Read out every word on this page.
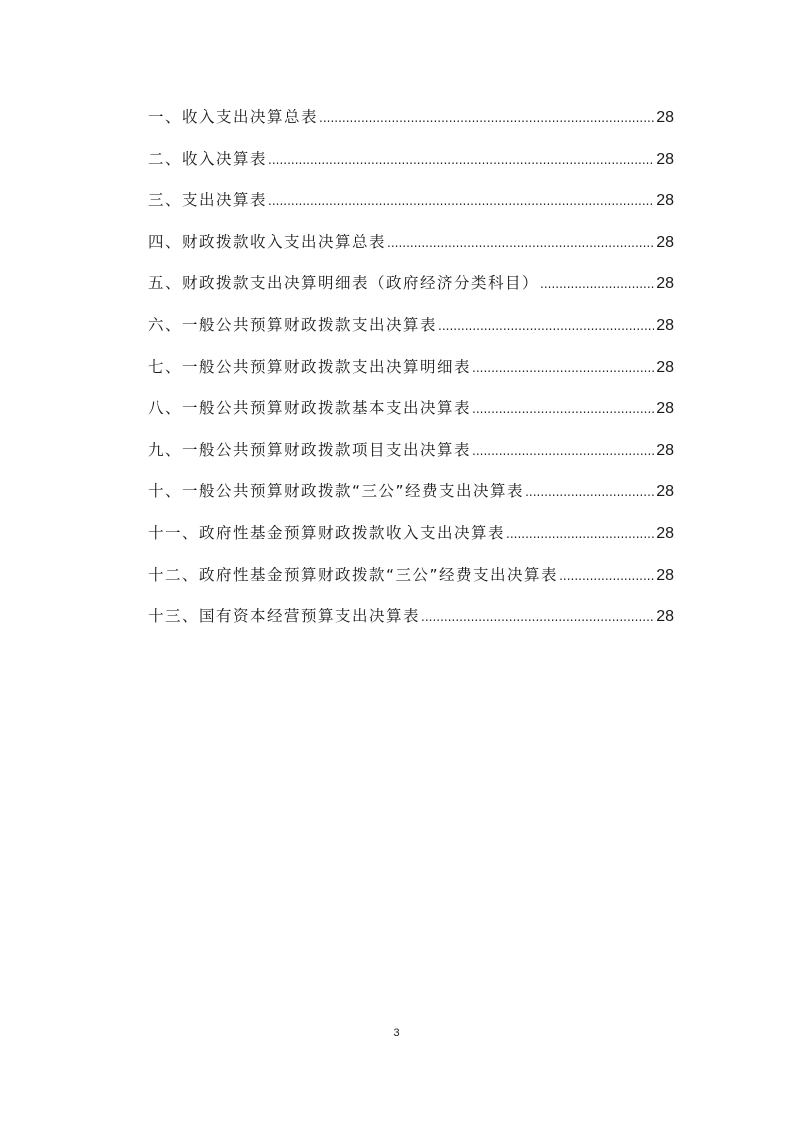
一、收入支出决算总表 .....	28
二、收入决算表 .....	28
三、支出决算表 .....	28
四、财政拨款收入支出决算总表 .....	28
五、财政拨款支出决算明细表（政府经济分类科目） .....	28
六、一般公共预算财政拨款支出决算表 .....	28
七、一般公共预算财政拨款支出决算明细表 .....	28
八、一般公共预算财政拨款基本支出决算表 .....	28
九、一般公共预算财政拨款项目支出决算表 .....	28
十、一般公共预算财政拨款“三公”经费支出决算表 .....	28
十一、政府性基金预算财政拨款收入支出决算表 .....	28
十二、政府性基金预算财政拨款“三公”经费支出决算表 .....	28
十三、国有资本经营预算支出决算表 .....	28
3
